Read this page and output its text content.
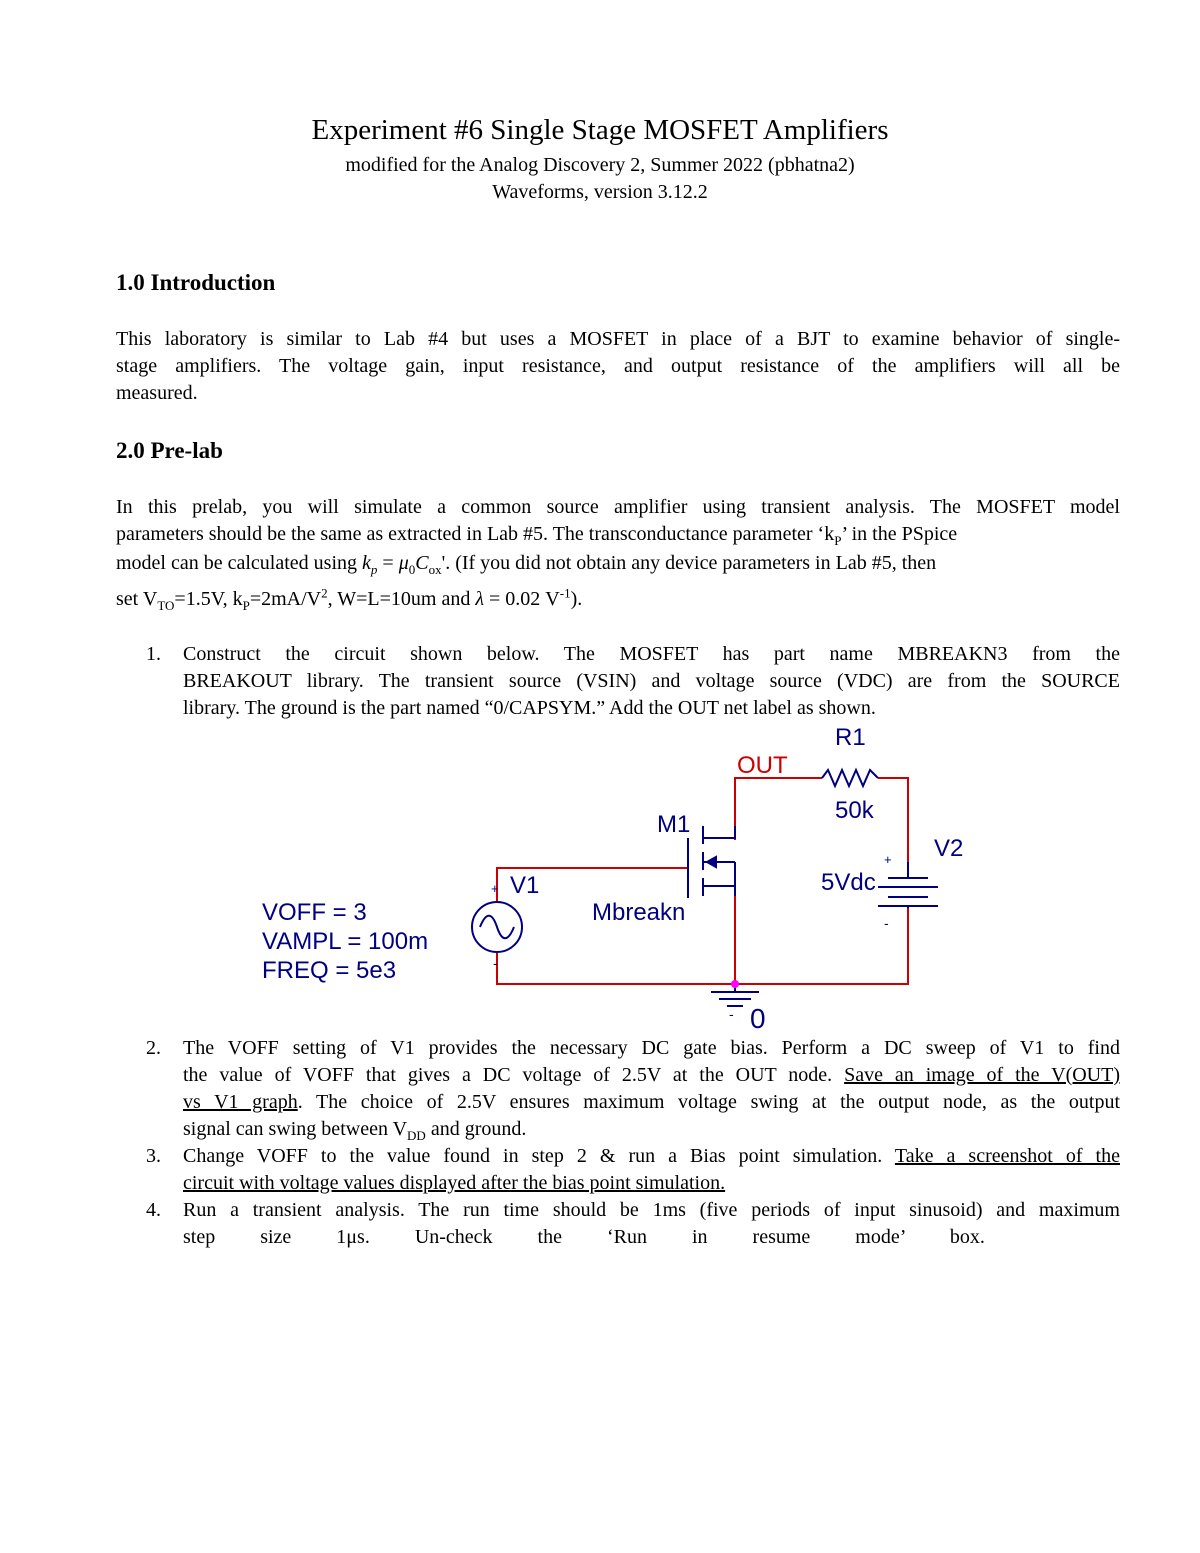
Experiment #6 Single Stage MOSFET Amplifiers
modified for the Analog Discovery 2, Summer 2022 (pbhatna2)
Waveforms, version 3.12.2
1.0 Introduction
This laboratory is similar to Lab #4 but uses a MOSFET in place of a BJT to examine behavior of single-
stage amplifiers. The voltage gain, input resistance, and output resistance of the amplifiers will all be
measured.
2.0 Pre-lab
In this prelab, you will simulate a common source amplifier using transient analysis. The MOSFET model
parameters should be the same as extracted in Lab #5. The transconductance parameter ‘$k_P$’ in the PSpice
model can be calculated using $k_p = \mu_0C_{ox}'$. (If you did not obtain any device parameters in Lab #5, then
set $V_{TO}=1.5V$, $k_P=2mA/V^2$, W=L=10um and λ = 0.02 $V^{-1}$).
1. Construct the circuit shown below. The MOSFET has part name MBREAKN3 from the
BREAKOUT library. The transient source (VSIN) and voltage source (VDC) are from the SOURCE
library. The ground is the part named “0/CAPSYM.” Add the OUT net label as shown.
OUT
R1
50k
M1
Mbreakn
V1
V2
5Vdc
+
-
+
-
VOFF = 3
VAMPL = 100m
FREQ = 5e3
- 0
2. The VOFF setting of V1 provides the necessary DC gate bias. Perform a DC sweep of V1 to find
the value of VOFF that gives a DC voltage of 2.5V at the OUT node. Save an image of the V(OUT)
vs V1 graph. The choice of 2.5V ensures maximum voltage swing at the output node, as the output
signal can swing between $V_{DD}$ and ground.
3. Change VOFF to the value found in step 2 & run a Bias point simulation. Take a screenshot of the
circuit with voltage values displayed after the bias point simulation.
4. Run a transient analysis. The run time should be 1ms (five periods of input sinusoid) and maximum
step size 1μs. Un-check the ‘Run in resume mode’ box.
